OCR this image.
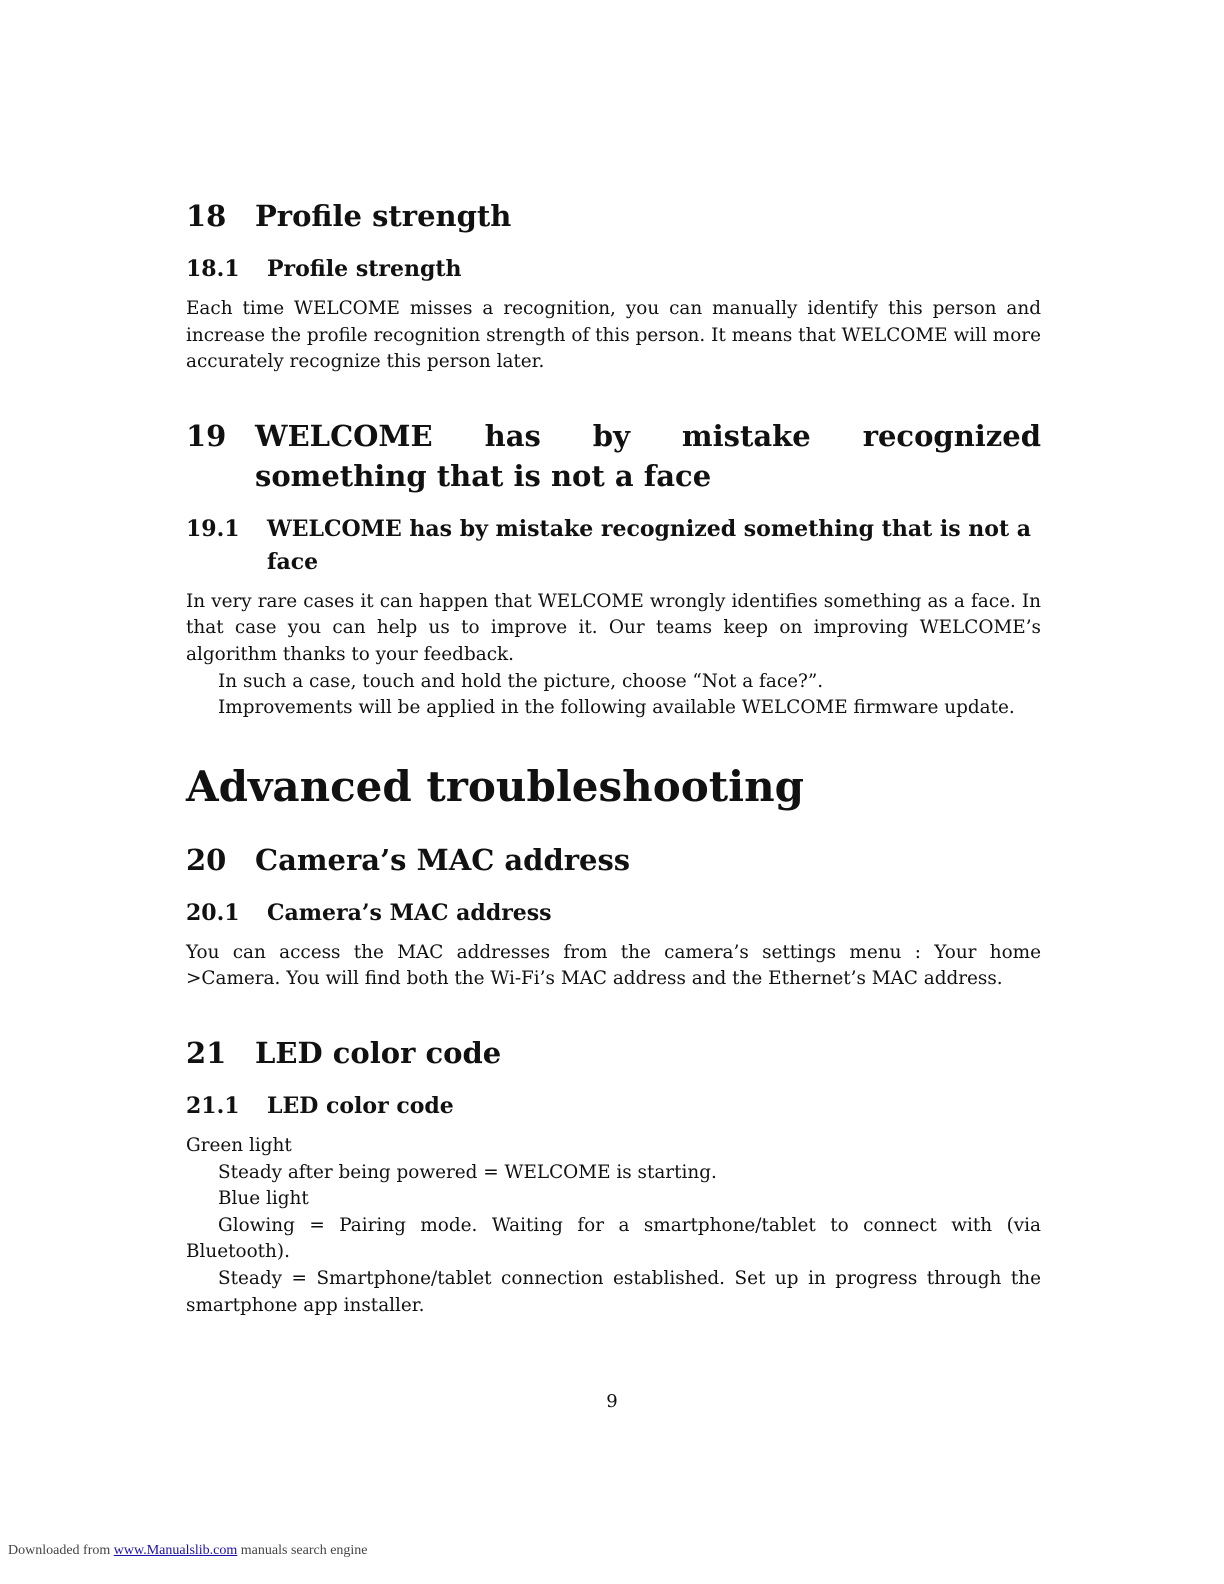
18 Profile strength
18.1	Profile strength

Each time WELCOME misses a recognition, you can manually identify this person and increase the profile recognition strength of this person. It means that WELCOME will more accurately recognize this person later.

19 WELCOME has by mistake recognized something that is not a face
19.1	WELCOME has by mistake recognized something that is not a face

In very rare cases it can happen that WELCOME wrongly identifies something as a face. In that case you can help us to improve it. Our teams keep on improving WELCOME’s algorithm thanks to your feedback.

In such a case, touch and hold the picture, choose “Not a face?”.

Improvements will be applied in the following available WELCOME firmware update.

Advanced troubleshooting
20 Camera’s MAC address
20.1	Camera’s MAC address

You can access the MAC addresses from the camera’s settings menu : Your home >Camera. You will find both the Wi-Fi’s MAC address and the Ethernet’s MAC address.

21 LED color code
21.1	LED color code

Green light

Steady after being powered = WELCOME is starting.

Blue light

Glowing = Pairing mode. Waiting for a smartphone/tablet to connect with (via Bluetooth).

Steady = Smartphone/tablet connection established. Set up in progress through the smartphone app installer.

9
Downloaded from www.Manualslib.com manuals search engine
